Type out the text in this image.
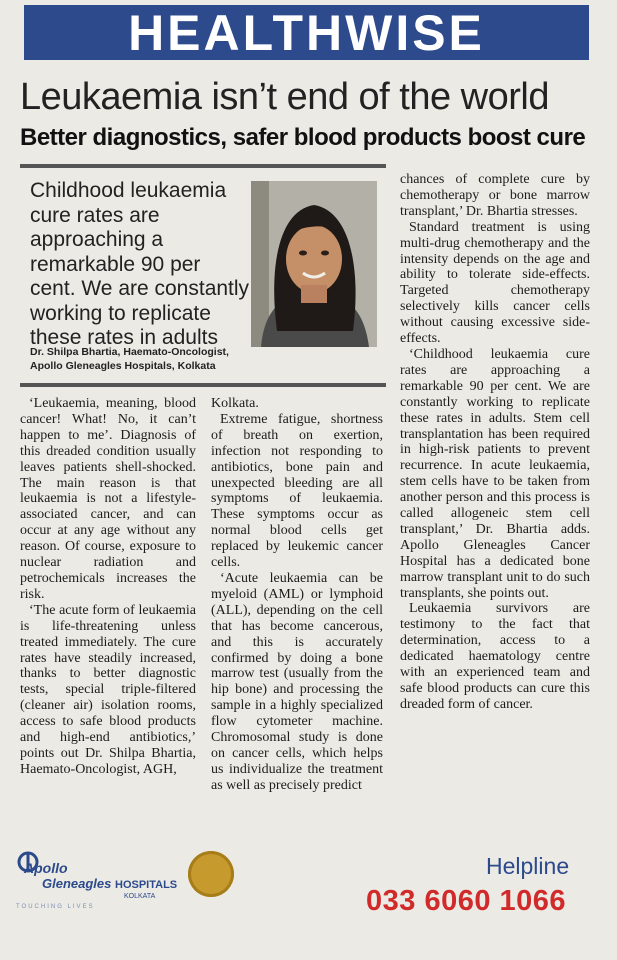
HEALTHWISE
Leukaemia isn’t end of the world
Better diagnostics, safer blood products boost cure
Childhood leukaemia cure rates are approaching a remarkable 90 per cent. We are constantly working to replicate these rates in adults
Dr. Shilpa Bhartia, Haemato-Oncologist,
Apollo Gleneagles Hospitals, Kolkata

‘Leukaemia, meaning, blood cancer! What! No, it can’t happen to me’. Diagnosis of this dreaded condition usually leaves patients shell-shocked. The main reason is that leukaemia is not a lifestyle-associated cancer, and can occur at any age without any reason. Of course, exposure to nuclear radiation and petrochemicals increases the risk.

‘The acute form of leukaemia is life-threatening unless treated immediately. The cure rates have steadily increased, thanks to better diagnostic tests, special triple-filtered (cleaner air) isolation rooms, access to safe blood products and high-end antibiotics,’ points out Dr. Shilpa Bhartia, Haemato-Oncologist, AGH,

Kolkata.

Extreme fatigue, shortness of breath on exertion, infection not responding to antibiotics, bone pain and unexpected bleeding are all symptoms of leukaemia. These symptoms occur as normal blood cells get replaced by leukemic cancer cells.

‘Acute leukaemia can be myeloid (AML) or lymphoid (ALL), depending on the cell that has become cancerous, and this is accurately confirmed by doing a bone marrow test (usually from the hip bone) and processing the sample in a highly specialized flow cytometer machine. Chromosomal study is done on cancer cells, which helps us individualize the treatment as well as precisely predict

chances of complete cure by chemotherapy or bone marrow transplant,’ Dr. Bhartia stresses.

Standard treatment is using multi-drug chemotherapy and the intensity depends on the age and ability to tolerate side-effects. Targeted chemotherapy selectively kills cancer cells without causing excessive side-effects.

‘Childhood leukaemia cure rates are approaching a remarkable 90 per cent. We are constantly working to replicate these rates in adults. Stem cell transplantation has been required in high-risk patients to prevent recurrence. In acute leukaemia, stem cells have to be taken from another person and this process is called allogeneic stem cell transplant,’ Dr. Bhartia adds. Apollo Gleneagles Cancer Hospital has a dedicated bone marrow transplant unit to do such transplants, she points out.

Leukaemia survivors are testimony to the fact that determination, access to a dedicated haematology centre with an experienced team and safe blood products can cure this dreaded form of cancer.

Apollo
Gleneagles HOSPITALS
KOLKATA
TOUCHING LIVES
Helpline
033 6060 1066
